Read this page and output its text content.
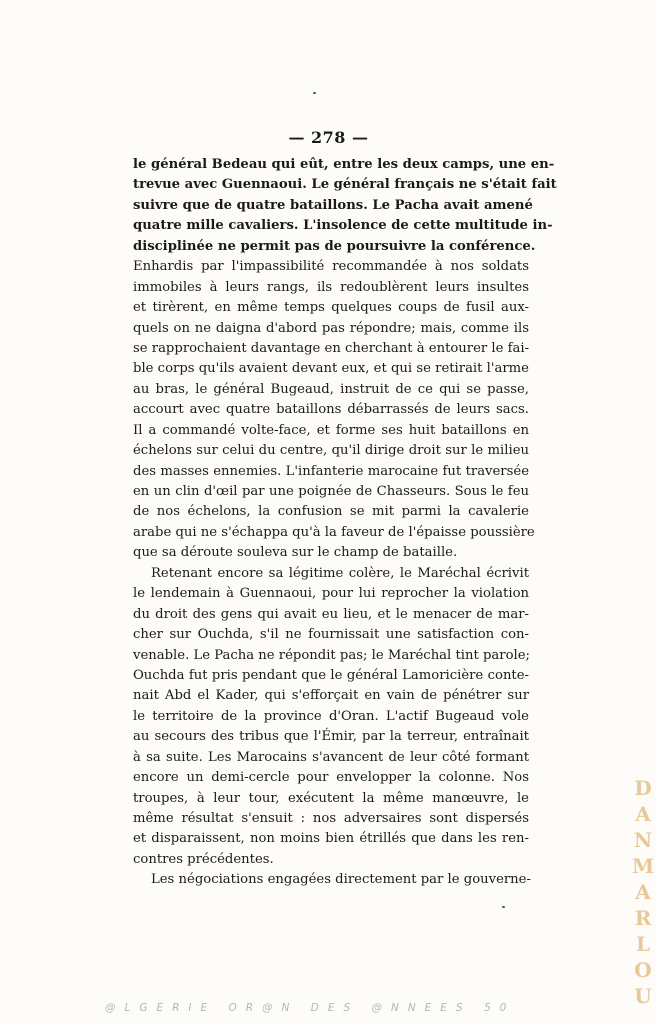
— 278 —
le général Bedeau qui eût, entre les deux camps, une en-
trevue avec Guennaoui. Le général français ne s'était fait
suivre que de quatre bataillons. Le Pacha avait amené
quatre mille cavaliers. L'insolence de cette multitude in-
disciplinée ne permit pas de poursuivre la conférence.
Enhardis par l'impassibilité recommandée à nos soldats
immobiles à leurs rangs, ils redoublèrent leurs insultes
et tirèrent, en même temps quelques coups de fusil aux-
quels on ne daigna d'abord pas répondre; mais, comme ils
se rapprochaient davantage en cherchant à entourer le fai-
ble corps qu'ils avaient devant eux, et qui se retirait l'arme
au bras, le général Bugeaud, instruit de ce qui se passe,
accourt avec quatre bataillons débarrassés de leurs sacs.
Il a commandé volte-face, et forme ses huit bataillons en
échelons sur celui du centre, qu'il dirige droit sur le milieu
des masses ennemies. L'infanterie marocaine fut traversée
en un clin d'œil par une poignée de Chasseurs. Sous le feu
de nos échelons, la confusion se mit parmi la cavalerie
arabe qui ne s'échappa qu'à la faveur de l'épaisse poussière
que sa déroute souleva sur le champ de bataille.
Retenant encore sa légitime colère, le Maréchal écrivit
le lendemain à Guennaoui, pour lui reprocher la violation
du droit des gens qui avait eu lieu, et le menacer de mar-
cher sur Ouchda, s'il ne fournissait une satisfaction con-
venable. Le Pacha ne répondit pas; le Maréchal tint parole;
Ouchda fut pris pendant que le général Lamoricière conte-
nait Abd el Kader, qui s'efforçait en vain de pénétrer sur
le territoire de la province d'Oran. L'actif Bugeaud vole
au secours des tribus que l'Émir, par la terreur, entraînait
à sa suite. Les Marocains s'avancent de leur côté formant
encore un demi-cercle pour envelopper la colonne. Nos
troupes, à leur tour, exécutent la même manœuvre, le
même résultat s'ensuit : nos adversaires sont dispersés
et disparaissent, non moins bien étrillés que dans les ren-
contres précédentes.
Les négociations engagées directement par le gouverne-
D
A
N
M
A
R
L
O
U
@LGERIE OR@N DES @NNEES 50
